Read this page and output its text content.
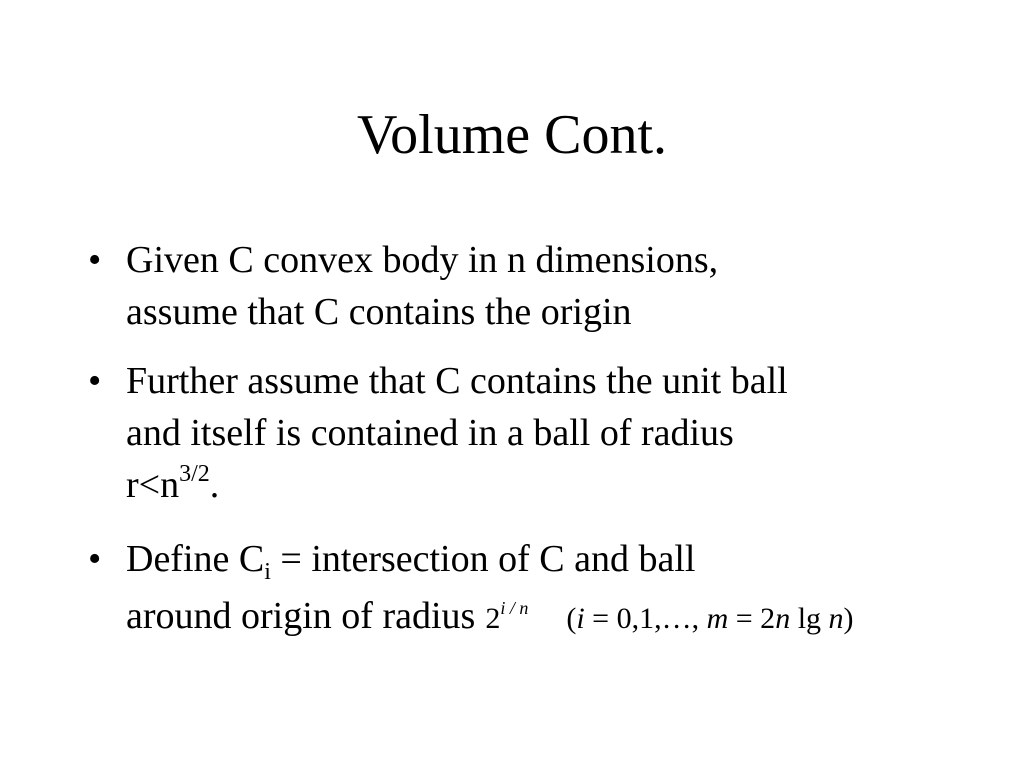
Volume Cont.
• Given C convex body in n dimensions,
assume that C contains the origin
• Further assume that C contains the unit ball
and itself is contained in a ball of radius
$r<n^{3/2}$.
• Define $C_i$ = intersection of C and ball
around origin of radius $2^{i / n}$ (i = 0,1,…, m = 2n lg n)
